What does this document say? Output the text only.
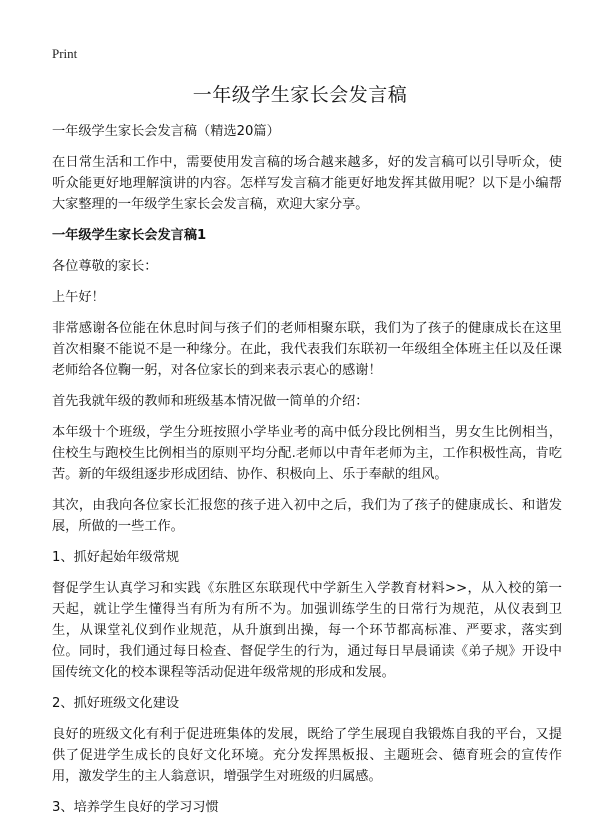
Print
一年级学生家长会发言稿

一年级学生家长会发言稿（精选20篇）

在日常生活和工作中，需要使用发言稿的场合越来越多，好的发言稿可以引导听众，使听众能更好地理解演讲的内容。怎样写发言稿才能更好地发挥其做用呢？以下是小编帮大家整理的一年级学生家长会发言稿，欢迎大家分享。

一年级学生家长会发言稿1

各位尊敬的家长：

上午好！

非常感谢各位能在休息时间与孩子们的老师相聚东联，我们为了孩子的健康成长在这里首次相聚不能说不是一种缘分。在此，我代表我们东联初一年级组全体班主任以及任课老师给各位鞠一躬，对各位家长的到来表示衷心的感谢！

首先我就年级的教师和班级基本情况做一简单的介绍：

本年级十个班级，学生分班按照小学毕业考的高中低分段比例相当，男女生比例相当，住校生与跑校生比例相当的原则平均分配.老师以中青年老师为主，工作积极性高，肯吃苦。新的年级组逐步形成团结、协作、积极向上、乐于奉献的组风。

其次，由我向各位家长汇报您的孩子进入初中之后，我们为了孩子的健康成长、和谐发展，所做的一些工作。

1、抓好起始年级常规

督促学生认真学习和实践《东胜区东联现代中学新生入学教育材料>>，从入校的第一天起，就让学生懂得当有所为有所不为。加强训练学生的日常行为规范，从仪表到卫生，从课堂礼仪到作业规范，从升旗到出操，每一个环节都高标准、严要求，落实到位。同时，我们通过每日检查、督促学生的行为，通过每日早晨诵读《弟子规》开设中国传统文化的校本课程等活动促进年级常规的形成和发展。

2、抓好班级文化建设

良好的班级文化有利于促进班集体的发展，既给了学生展现自我锻炼自我的平台，又提供了促进学生成长的良好文化环境。充分发挥黑板报、主题班会、德育班会的宣传作用，激发学生的主人翁意识，增强学生对班级的归属感。

3、培养学生良好的学习习惯
